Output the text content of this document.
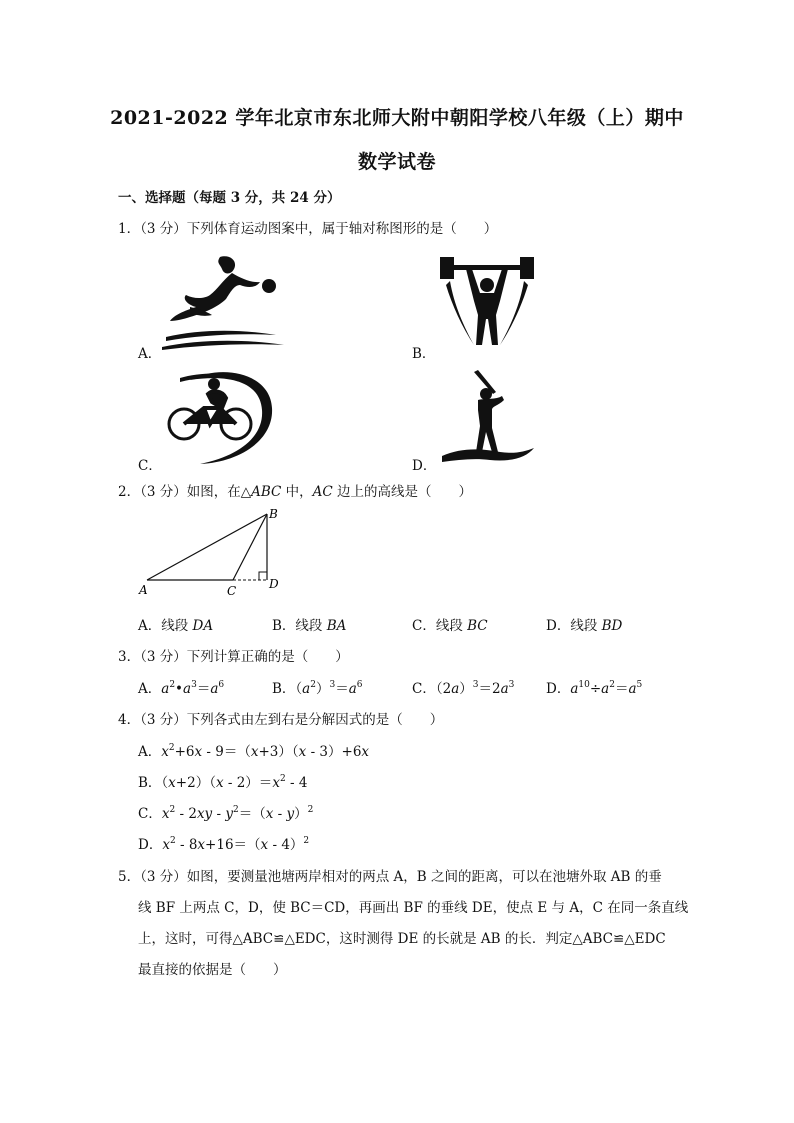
2021-2022 学年北京市东北师大附中朝阳学校八年级（上）期中
数学试卷
一、选择题（每题 3 分，共 24 分）
1．（3 分）下列体育运动图案中，属于轴对称图形的是（　　）
A．	B．
C．	D．
2．（3 分）如图，在△ABC 中，AC 边上的高线是（　　）
A
B
C	D
A．线段 DA	B．线段 BA	C．线段 BC	D．线段 BD
3．（3 分）下列计算正确的是（　　）
A．$a^2•a^3=a^6$	B．$(a^2)^3=a^6$	C．$(2a)^3=2a^3$ D．$a^{10}\div a^2=a^5$
4．（3 分）下列各式由左到右是分解因式的是（　　）
A．$x^2+6x - 9=(x+3)(x - 3)+6x$
B．$(x+2)(x - 2)=x^2 - 4$
C．$x^2 - 2xy - y^2=(x - y)^2$
D．$x^2 - 8x+16=(x - 4)^2$
5．（3 分）如图，要测量池塘两岸相对的两点 A，B 之间的距离，可以在池塘外取 AB 的垂
线 BF 上两点 C，D，使 BC＝CD，再画出 BF 的垂线 DE，使点 E 与 A，C 在同一条直线
上，这时，可得△ABC≌△EDC，这时测得 DE 的长就是 AB 的长．判定△ABC≌△EDC
最直接的依据是（　　）
